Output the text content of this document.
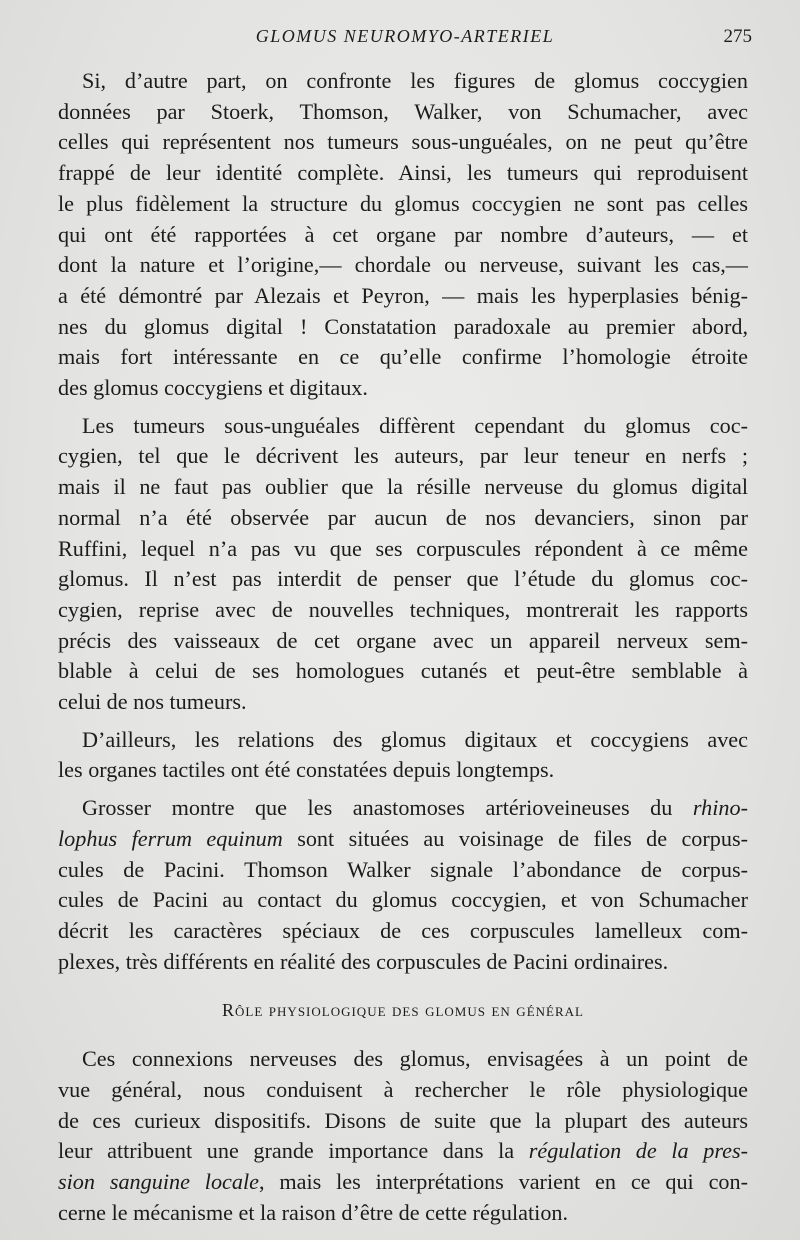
GLOMUS NEUROMYO-ARTERIEL	275
Si, d’autre part, on confronte les figures de glomus coccygien
données par Stoerk, Thomson, Walker, von Schumacher, avec
celles qui représentent nos tumeurs sous-unguéales, on ne peut qu’être
frappé de leur identité complète. Ainsi, les tumeurs qui reproduisent
le plus fidèlement la structure du glomus coccygien ne sont pas celles
qui ont été rapportées à cet organe par nombre d’auteurs, — et
dont la nature et l’origine,— chordale ou nerveuse, suivant les cas,—
a été démontré par Alezais et Peyron, — mais les hyperplasies bénig-
nes du glomus digital ! Constatation paradoxale au premier abord,
mais fort intéressante en ce qu’elle confirme l’homologie étroite
des glomus coccygiens et digitaux.
Les tumeurs sous-unguéales diffèrent cependant du glomus coc-
cygien, tel que le décrivent les auteurs, par leur teneur en nerfs ;
mais il ne faut pas oublier que la résille nerveuse du glomus digital
normal n’a été observée par aucun de nos devanciers, sinon par
Ruffini, lequel n’a pas vu que ses corpuscules répondent à ce même
glomus. Il n’est pas interdit de penser que l’étude du glomus coc-
cygien, reprise avec de nouvelles techniques, montrerait les rapports
précis des vaisseaux de cet organe avec un appareil nerveux sem-
blable à celui de ses homologues cutanés et peut-être semblable à
celui de nos tumeurs.
D’ailleurs, les relations des glomus digitaux et coccygiens avec
les organes tactiles ont été constatées depuis longtemps.
Grosser montre que les anastomoses artérioveineuses du rhino-
lophus ferrum equinum sont situées au voisinage de files de corpus-
cules de Pacini. Thomson Walker signale l’abondance de corpus-
cules de Pacini au contact du glomus coccygien, et von Schumacher
décrit les caractères spéciaux de ces corpuscules lamelleux com-
plexes, très différents en réalité des corpuscules de Pacini ordinaires.
Rôle physiologique des glomus en général
Ces connexions nerveuses des glomus, envisagées à un point de
vue général, nous conduisent à rechercher le rôle physiologique
de ces curieux dispositifs. Disons de suite que la plupart des auteurs
leur attribuent une grande importance dans la régulation de la pres-
sion sanguine locale, mais les interprétations varient en ce qui con-
cerne le mécanisme et la raison d’être de cette régulation.
